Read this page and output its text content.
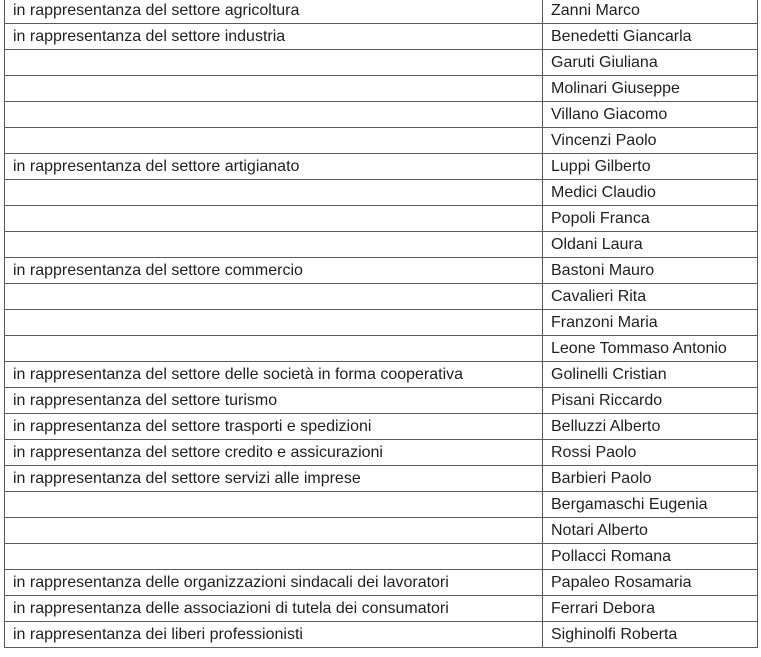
in rappresentanza del settore agricoltura	Zanni Marco
in rappresentanza del settore industria	Benedetti Giancarla
	Garuti Giuliana
	Molinari Giuseppe
	Villano Giacomo
	Vincenzi Paolo
in rappresentanza del settore artigianato	Luppi Gilberto
	Medici Claudio
	Popoli Franca
	Oldani Laura
in rappresentanza del settore commercio	Bastoni Mauro
	Cavalieri Rita
	Franzoni Maria
	Leone Tommaso Antonio
in rappresentanza del settore delle società in forma cooperativa	Golinelli Cristian
in rappresentanza del settore turismo	Pisani Riccardo
in rappresentanza del settore trasporti e spedizioni	Belluzzi Alberto
in rappresentanza del settore credito e assicurazioni	Rossi Paolo
in rappresentanza del settore servizi alle imprese	Barbieri Paolo
	Bergamaschi Eugenia
	Notari Alberto
	Pollacci Romana
in rappresentanza delle organizzazioni sindacali dei lavoratori	Papaleo Rosamaria
in rappresentanza delle associazioni di tutela dei consumatori	Ferrari Debora
in rappresentanza dei liberi professionisti	Sighinolfi Roberta
